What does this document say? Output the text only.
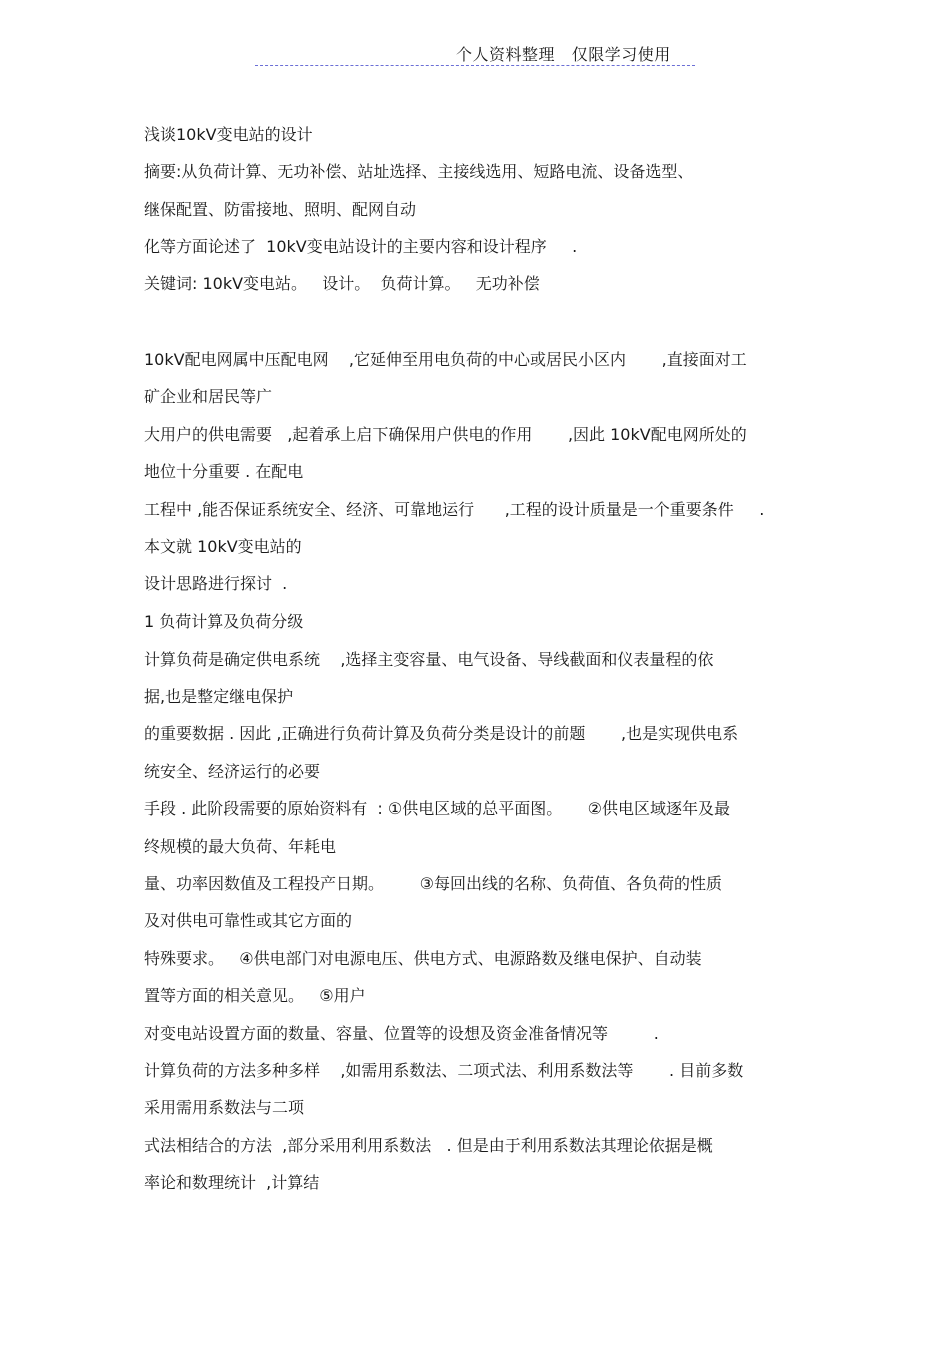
个人资料整理   仅限学习使用
浅谈10kV变电站的设计
摘要:从负荷计算、无功补偿、站址选择、主接线选用、短路电流、设备选型、
继保配置、防雷接地、照明、配网自动
化等方面论述了  10kV变电站设计的主要内容和设计程序     .
关键词: 10kV变电站。   设计。  负荷计算。   无功补偿
10kV配电网属中压配电网    ,它延伸至用电负荷的中心或居民小区内       ,直接面对工
矿企业和居民等广
大用户的供电需要   ,起着承上启下确保用户供电的作用       ,因此 10kV配电网所处的
地位十分重要 . 在配电
工程中 ,能否保证系统安全、经济、可靠地运行      ,工程的设计质量是一个重要条件     .
本文就 10kV变电站的
设计思路进行探讨  .
1 负荷计算及负荷分级
计算负荷是确定供电系统    ,选择主变容量、电气设备、导线截面和仪表量程的依
据,也是整定继电保护
的重要数据 . 因此 ,正确进行负荷计算及负荷分类是设计的前题       ,也是实现供电系
统安全、经济运行的必要
手段 . 此阶段需要的原始资料有  : ①供电区域的总平面图。     ②供电区域逐年及最
终规模的最大负荷、年耗电
量、功率因数值及工程投产日期。       ③每回出线的名称、负荷值、各负荷的性质
及对供电可靠性或其它方面的
特殊要求。   ④供电部门对电源电压、供电方式、电源路数及继电保护、自动装
置等方面的相关意见。   ⑤用户
对变电站设置方面的数量、容量、位置等的设想及资金准备情况等         .
计算负荷的方法多种多样    ,如需用系数法、二项式法、利用系数法等       . 目前多数
采用需用系数法与二项
式法相结合的方法  ,部分采用利用系数法   . 但是由于利用系数法其理论依据是概
率论和数理统计  ,计算结
